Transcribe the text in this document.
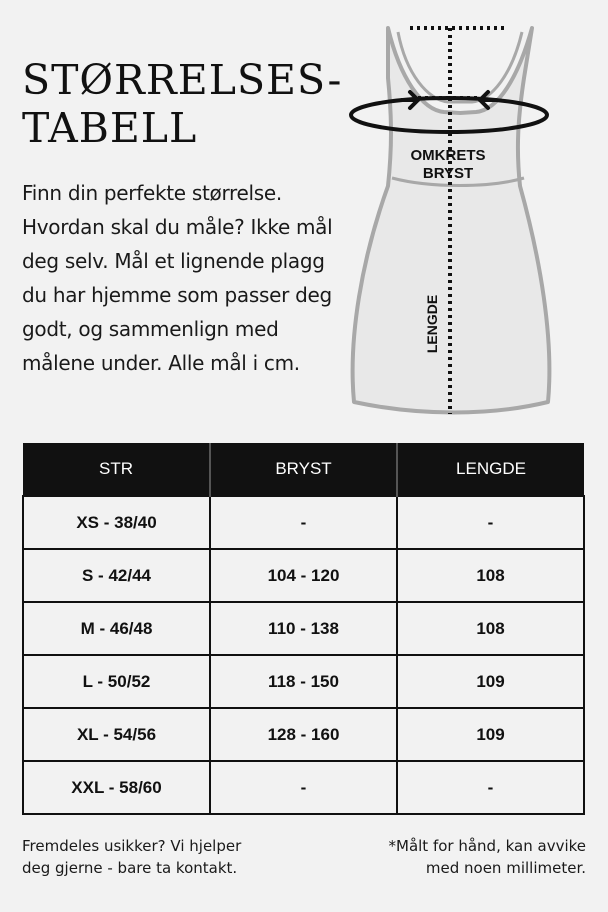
STØRRELSES-
TABELL

Finn din perfekte størrelse. Hvordan skal du måle? Ikke mål deg selv. Mål et lignende plagg du har hjemme som passer deg godt, og sammenlign med målene under. Alle mål i cm.

OMKRETS
BRYST
LENGDE
STR	BRYST	LENGDE
XS - 38/40	-	-
S - 42/44	104 - 120	108
M - 46/48	110 - 138	108
L - 50/52	118 - 150	109
XL - 54/56	128 - 160	109
XXL - 58/60	-	-
Fremdeles usikker? Vi hjelper
deg gjerne - bare ta kontakt.
*Målt for hånd, kan avvike
med noen millimeter.
